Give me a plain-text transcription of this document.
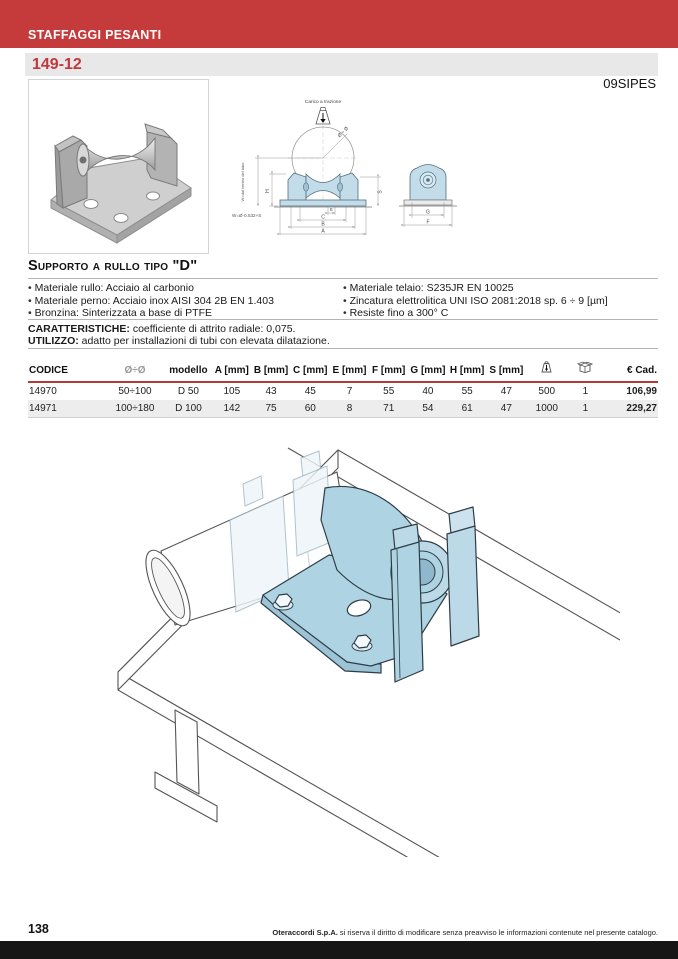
STAFFAGGI PESANTI
149-12
09SIPES
Carico a trazione
Ø ÷ Ø
H	S
E
C
B
A
G
F
W=dal centro del tubo
W=Ø·0.532+S
Supporto a rullo tipo "D"
• Materiale rullo: Acciaio al carbonio
• Materiale perno: Acciaio inox AISI 304 2B EN 1.403
• Bronzina: Sinterizzata a base di PTFE
• Materiale telaio: S235JR EN 10025
• Zincatura elettrolitica UNI ISO 2081:2018 sp. 6 ÷ 9 [µm]
• Resiste fino a 300° C
CARATTERISTICHE: coefficiente di attrito radiale: 0,075.
UTILIZZO: adatto per installazioni di tubi con elevata dilatazione.
CODICE	Ø÷Ø	modello	A [mm]	B [mm]	C [mm]	E [mm]	F [mm]	G [mm]	H [mm]	S [mm]			€ Cad.
14970	50÷100	D 50	105	43	45	7	55	40	55	47	500	1	106,99
14971	100÷180	D 100	142	75	60	8	71	54	61	47	1000	1	229,27
138	Oteraccordi S.p.A. si riserva il diritto di modificare senza preavviso le informazioni contenute nel presente catalogo.
